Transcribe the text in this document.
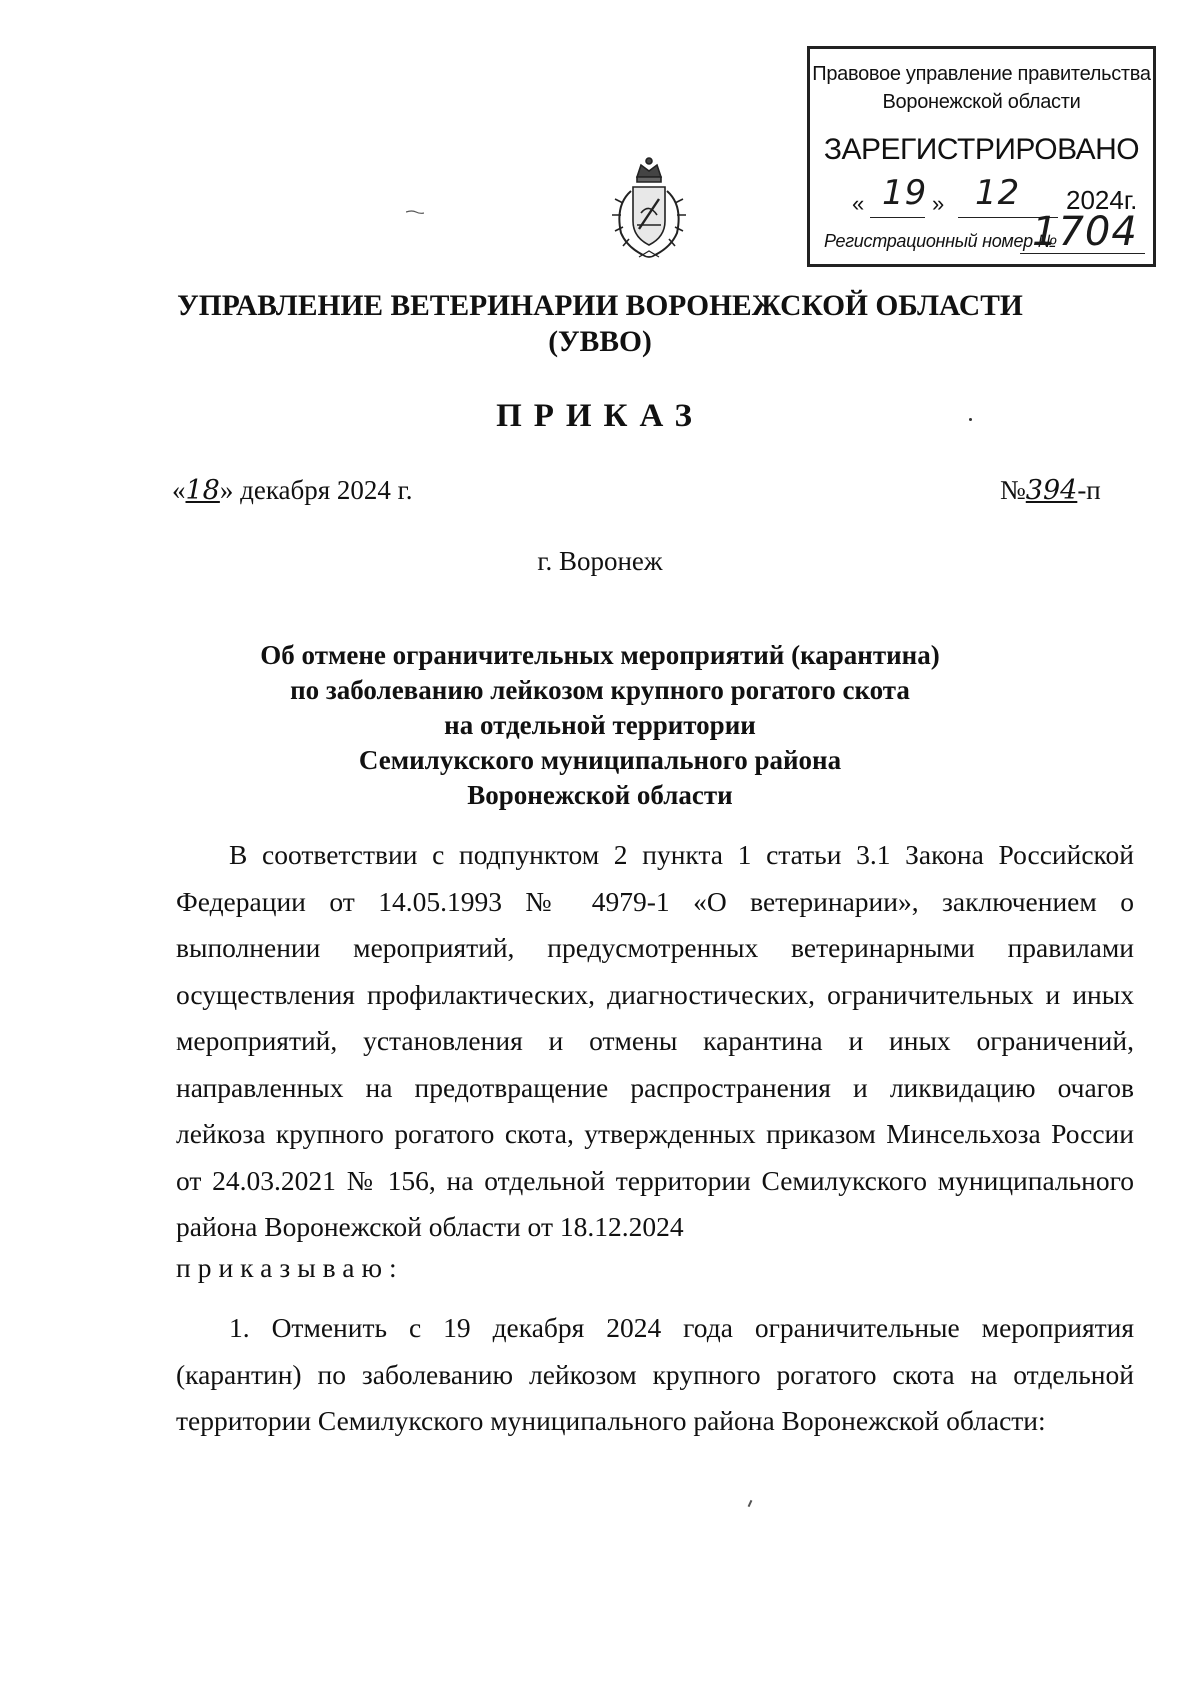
Правовое управление правительства
Воронежской области
ЗАРЕГИСТРИРОВАНО
« 19 » 12 2024г.
Регистрационный номер №
1704
УПРАВЛЕНИЕ ВЕТЕРИНАРИИ ВОРОНЕЖСКОЙ ОБЛАСТИ
(УВВО)
ПРИКАЗ
«18» декабря 2024 г.	№394-п
г. Воронеж
Об отмене ограничительных мероприятий (карантина)
по заболеванию лейкозом крупного рогатого скота
на отдельной территории
Семилукского муниципального района
Воронежской области
В соответствии с подпунктом 2 пункта 1 статьи 3.1 Закона Российской Федерации от 14.05.1993 № 4979-1 «О ветеринарии», заключением о выполнении мероприятий, предусмотренных ветеринарными правилами осуществления профилактических, диагностических, ограничительных и иных мероприятий, установления и отмены карантина и иных ограничений, направленных на предотвращение распространения и ликвидацию очагов лейкоза крупного рогатого скота, утвержденных приказом Минсельхоза России от 24.03.2021 № 156, на отдельной территории Семилукского муниципального района Воронежской области от 18.12.2024
приказываю:
1. Отменить с 19 декабря 2024 года ограничительные мероприятия (карантин) по заболеванию лейкозом крупного рогатого скота на отдельной территории Семилукского муниципального района Воронежской области:
